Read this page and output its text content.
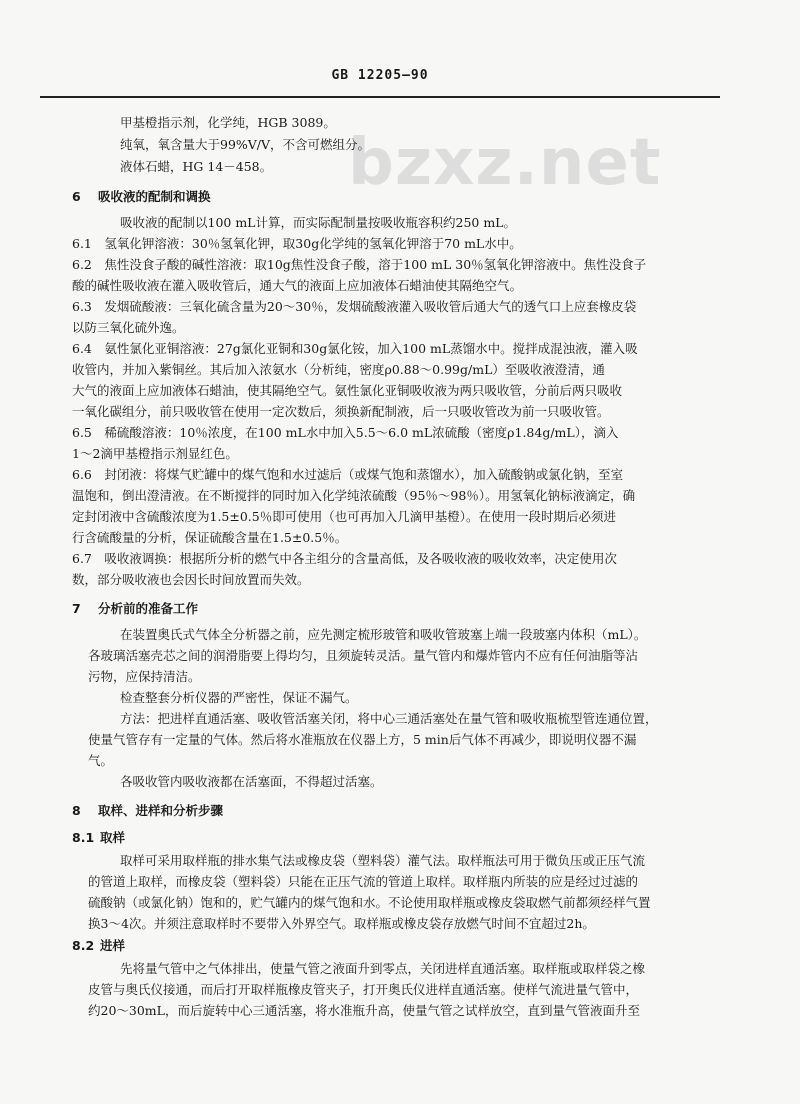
GB 12205—90
bzxz.net
甲基橙指示剂，化学纯，HGB 3089。
纯氧，氧含量大于99%V/V，不含可燃组分。
液体石蜡，HG 14－458。
6 吸收液的配制和调换
吸收液的配制以100 mL计算，而实际配制量按吸收瓶容积约250 mL。
6.1　氢氧化钾溶液：30％氢氧化钾，取30g化学纯的氢氧化钾溶于70 mL水中。
6.2　焦性没食子酸的碱性溶液：取10g焦性没食子酸，溶于100 mL 30％氢氧化钾溶液中。焦性没食子
酸的碱性吸收液在灌入吸收管后，通大气的液面上应加液体石蜡油使其隔绝空气。
6.3　发烟硫酸液：三氧化硫含量为20～30％，发烟硫酸液灌入吸收管后通大气的透气口上应套橡皮袋
以防三氧化硫外逸。
6.4　氨性氯化亚铜溶液：27g氯化亚铜和30g氯化铵，加入100 mL蒸馏水中。搅拌成混浊液，灌入吸
收管内，并加入紫铜丝。其后加入浓氨水（分析纯，密度ρ0.88～0.99g/mL）至吸收液澄清，通
大气的液面上应加液体石蜡油，使其隔绝空气。氨性氯化亚铜吸收液为两只吸收管，分前后两只吸收
一氧化碳组分，前只吸收管在使用一定次数后，须换新配制液，后一只吸收管改为前一只吸收管。
6.5　稀硫酸溶液：10％浓度，在100 mL水中加入5.5～6.0 mL浓硫酸（密度ρ1.84g/mL），滴入
1～2滴甲基橙指示剂显红色。
6.6　封闭液：将煤气贮罐中的煤气饱和水过滤后（或煤气饱和蒸馏水），加入硫酸钠或氯化钠，至室
温饱和，倒出澄清液。在不断搅拌的同时加入化学纯浓硫酸（95％～98％）。用氢氧化钠标液滴定，确
定封闭液中含硫酸浓度为1.5±0.5％即可使用（也可再加入几滴甲基橙）。在使用一段时期后必须进
行含硫酸量的分析，保证硫酸含量在1.5±0.5％。
6.7　吸收液调换：根据所分析的燃气中各主组分的含量高低，及各吸收液的吸收效率，决定使用次
数，部分吸收液也会因长时间放置而失效。
7 分析前的准备工作
在装置奥氏式气体全分析器之前，应先测定梳形玻管和吸收管玻塞上端一段玻塞内体积（mL）。
各玻璃活塞壳芯之间的润滑脂要上得均匀，且须旋转灵活。量气管内和爆炸管内不应有任何油脂等沾
污物，应保持清洁。
检查整套分析仪器的严密性，保证不漏气。
方法：把进样直通活塞、吸收管活塞关闭，将中心三通活塞处在量气管和吸收瓶梳型管连通位置，
使量气管存有一定量的气体。然后将水准瓶放在仪器上方，5 min后气体不再减少，即说明仪器不漏
气。
各吸收管内吸收液都在活塞面，不得超过活塞。
8 取样、进样和分析步骤
8.1 取样
取样可采用取样瓶的排水集气法或橡皮袋（塑料袋）灌气法。取样瓶法可用于微负压或正压气流
的管道上取样，而橡皮袋（塑料袋）只能在正压气流的管道上取样。取样瓶内所装的应是经过过滤的
硫酸钠（或氯化钠）饱和的，贮气罐内的煤气饱和水。不论使用取样瓶或橡皮袋取燃气前都须经样气置
换3～4次。并须注意取样时不要带入外界空气。取样瓶或橡皮袋存放燃气时间不宜超过2h。
8.2 进样
先将量气管中之气体排出，使量气管之液面升到零点，关闭进样直通活塞。取样瓶或取样袋之橡
皮管与奥氏仪接通，而后打开取样瓶橡皮管夹子，打开奥氏仪进样直通活塞。使样气流进量气管中，
约20～30mL，而后旋转中心三通活塞，将水准瓶升高，使量气管之试样放空，直到量气管液面升至
